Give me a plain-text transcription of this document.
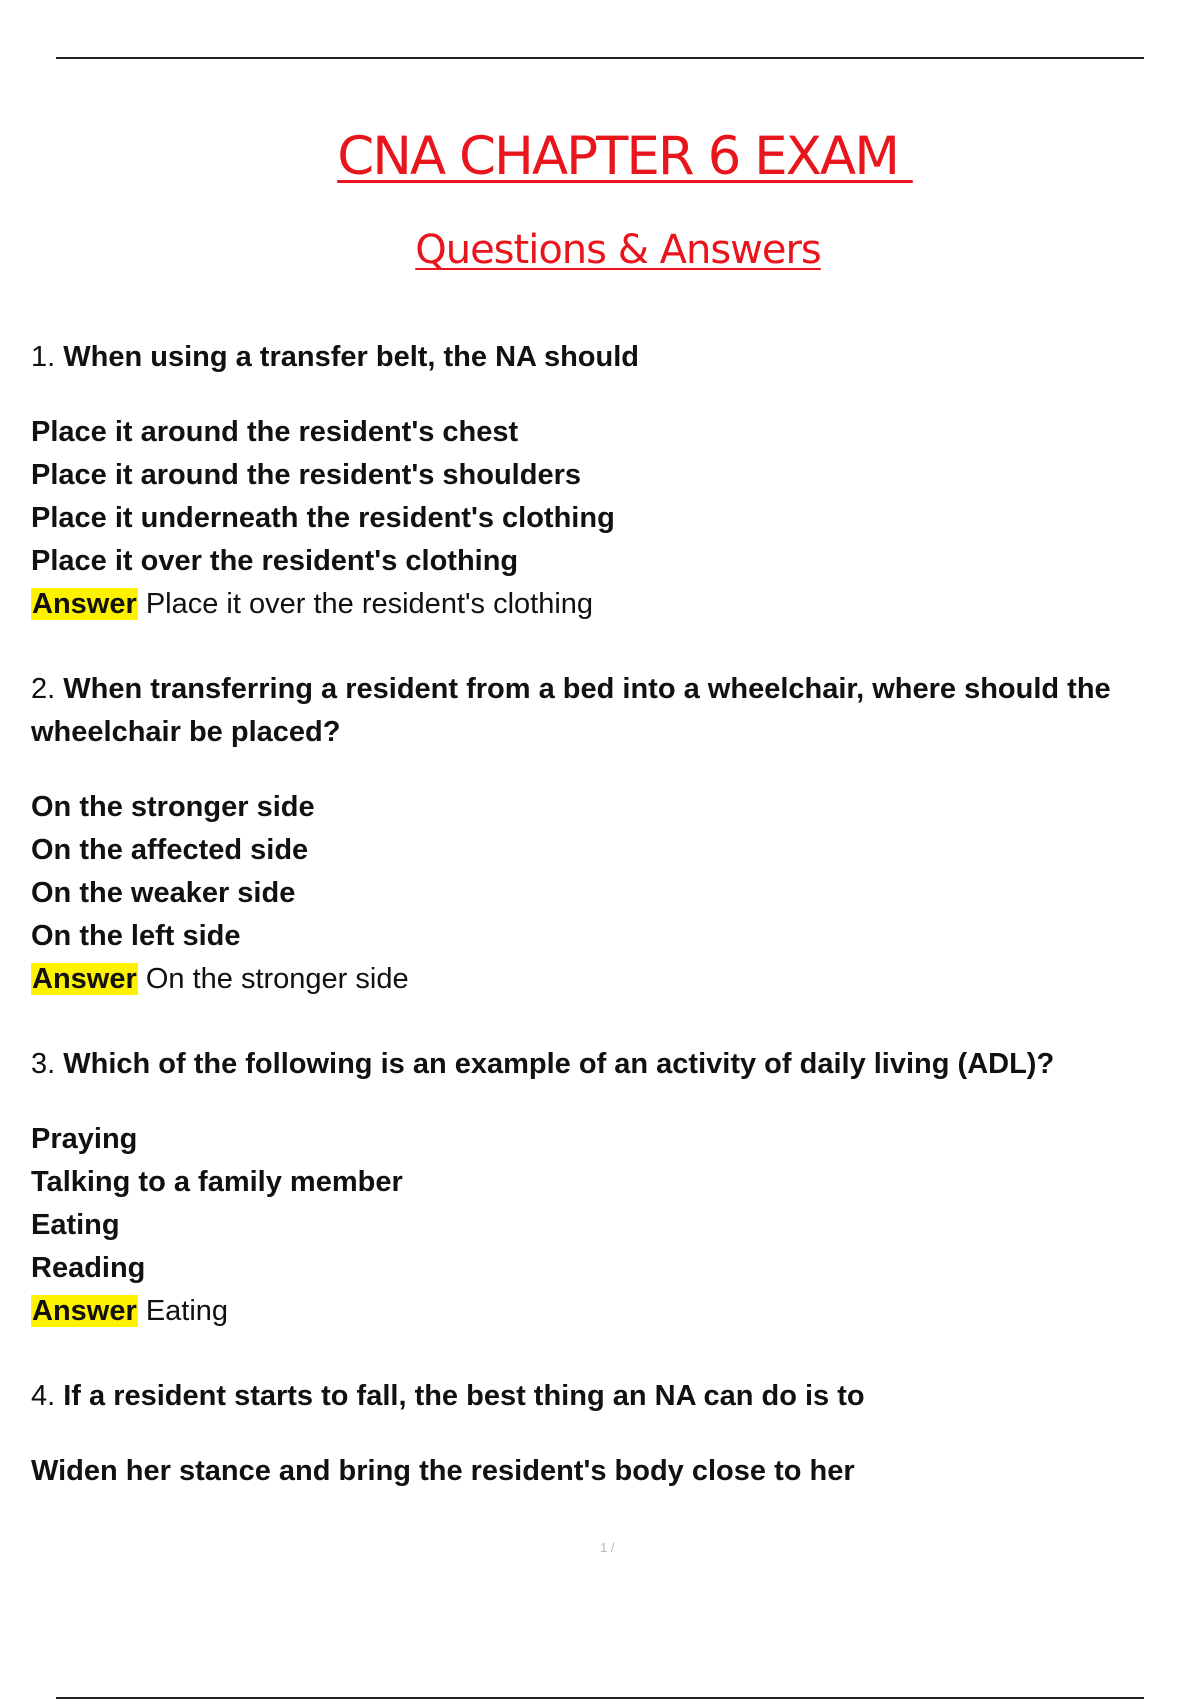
CNA CHAPTER 6 EXAM
Questions & Answers
1. When using a transfer belt, the NA should
Place it around the resident's chest
Place it around the resident's shoulders
Place it underneath the resident's clothing
Place it over the resident's clothing
Answer Place it over the resident's clothing
2. When transferring a resident from a bed into a wheelchair, where should the wheelchair be placed?
On the stronger side
On the affected side
On the weaker side
On the left side
Answer On the stronger side
3. Which of the following is an example of an activity of daily living (ADL)?
Praying
Talking to a family member
Eating
Reading
Answer Eating
4. If a resident starts to fall, the best thing an NA can do is to
Widen her stance and bring the resident's body close to her
1 /
